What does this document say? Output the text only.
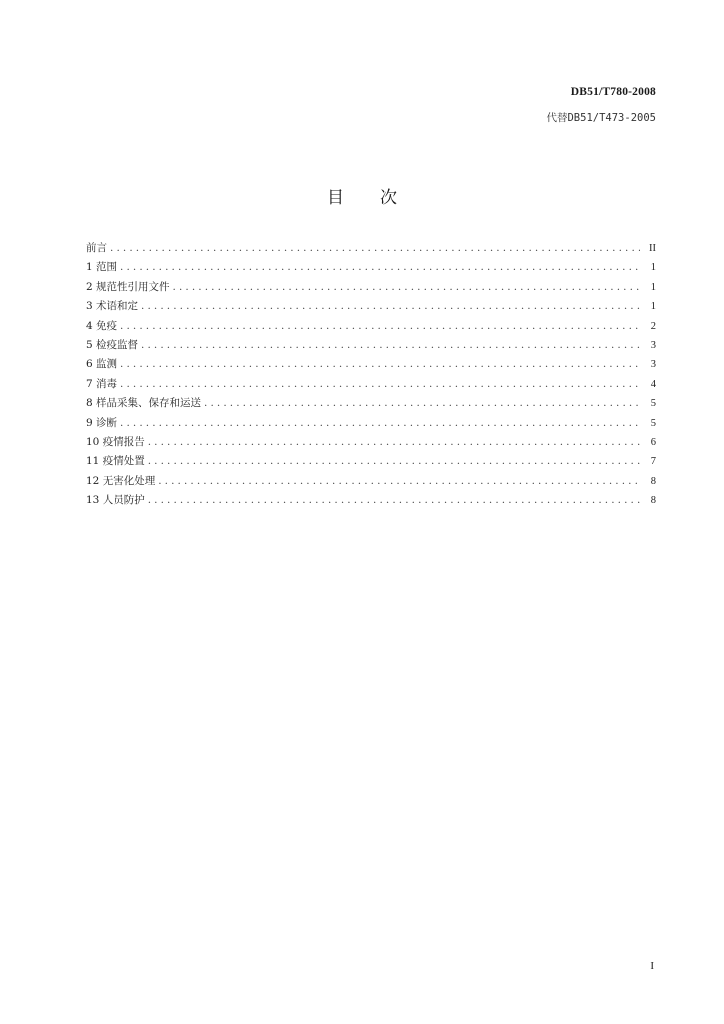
DB51/T780-2008
代替DB51/T473-2005
目次
前言 .....	II
1 范围 .....	1
2 规范性引用文件 .....	1
3 术语和定 .....	1
4 免疫 .....	2
5 检疫监督 .....	3
6 监测 .....	3
7 消毒 .....	4
8 样品采集、保存和运送 .....	5
9 诊断 .....	5
10 疫情报告 .....	6
11 疫情处置 .....	7
12 无害化处理 .....	8
13 人员防护 .....	8
I
